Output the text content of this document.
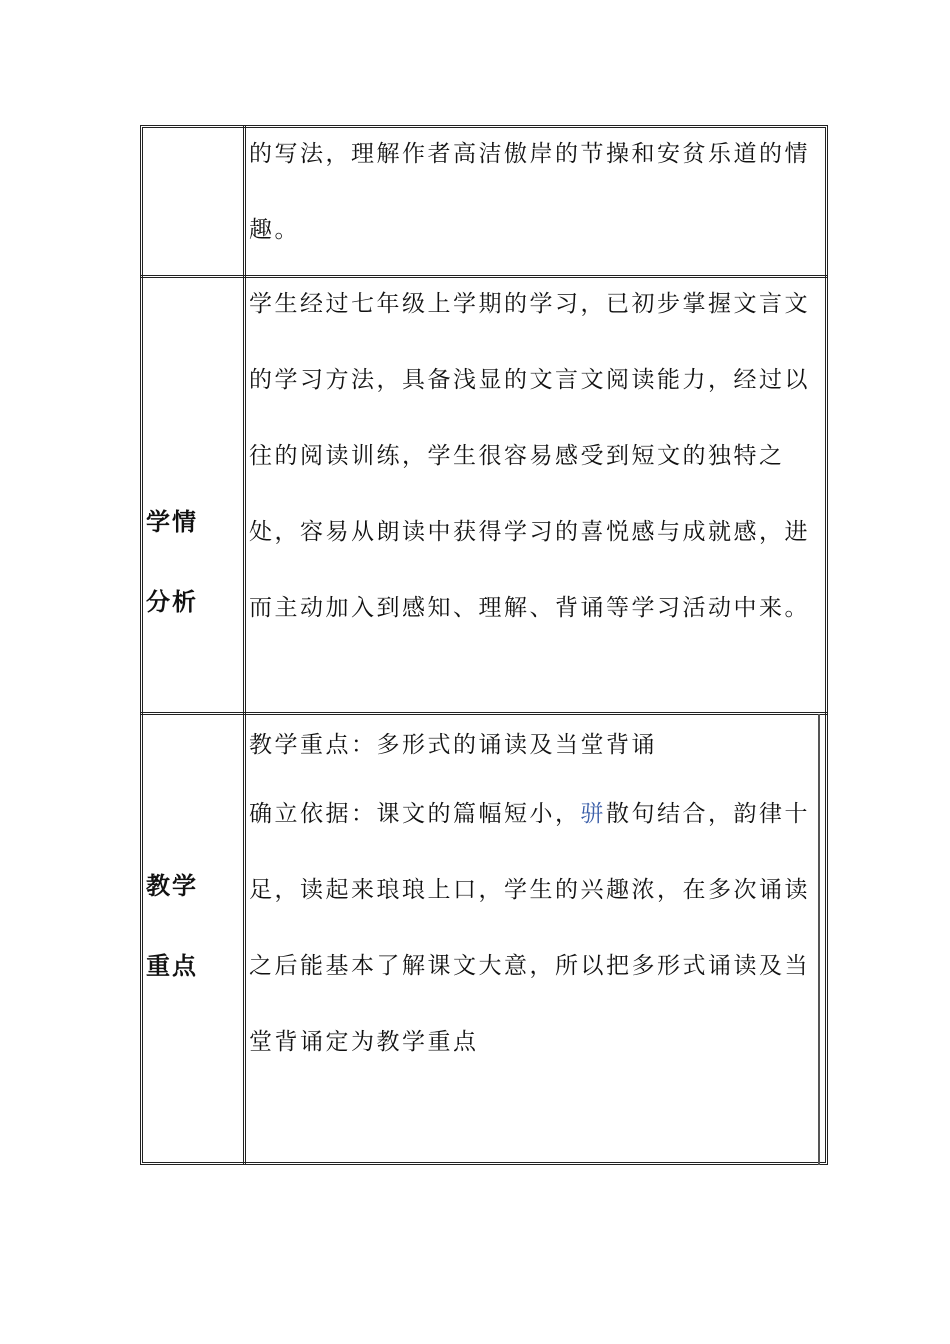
的写法，理解作者高洁傲岸的节操和安贫乐道的情趣。
学情
分析
学生经过七年级上学期的学习，已初步掌握文言文的学习方法，具备浅显的文言文阅读能力，经过以往的阅读训练，学生很容易感受到短文的独特之处，容易从朗读中获得学习的喜悦感与成就感，进而主动加入到感知、理解、背诵等学习活动中来。
教学
重点
教学重点：多形式的诵读及当堂背诵
确立依据：课文的篇幅短小，骈散句结合，韵律十足，读起来琅琅上口，学生的兴趣浓，在多次诵读之后能基本了解课文大意，所以把多形式诵读及当堂背诵定为教学重点
